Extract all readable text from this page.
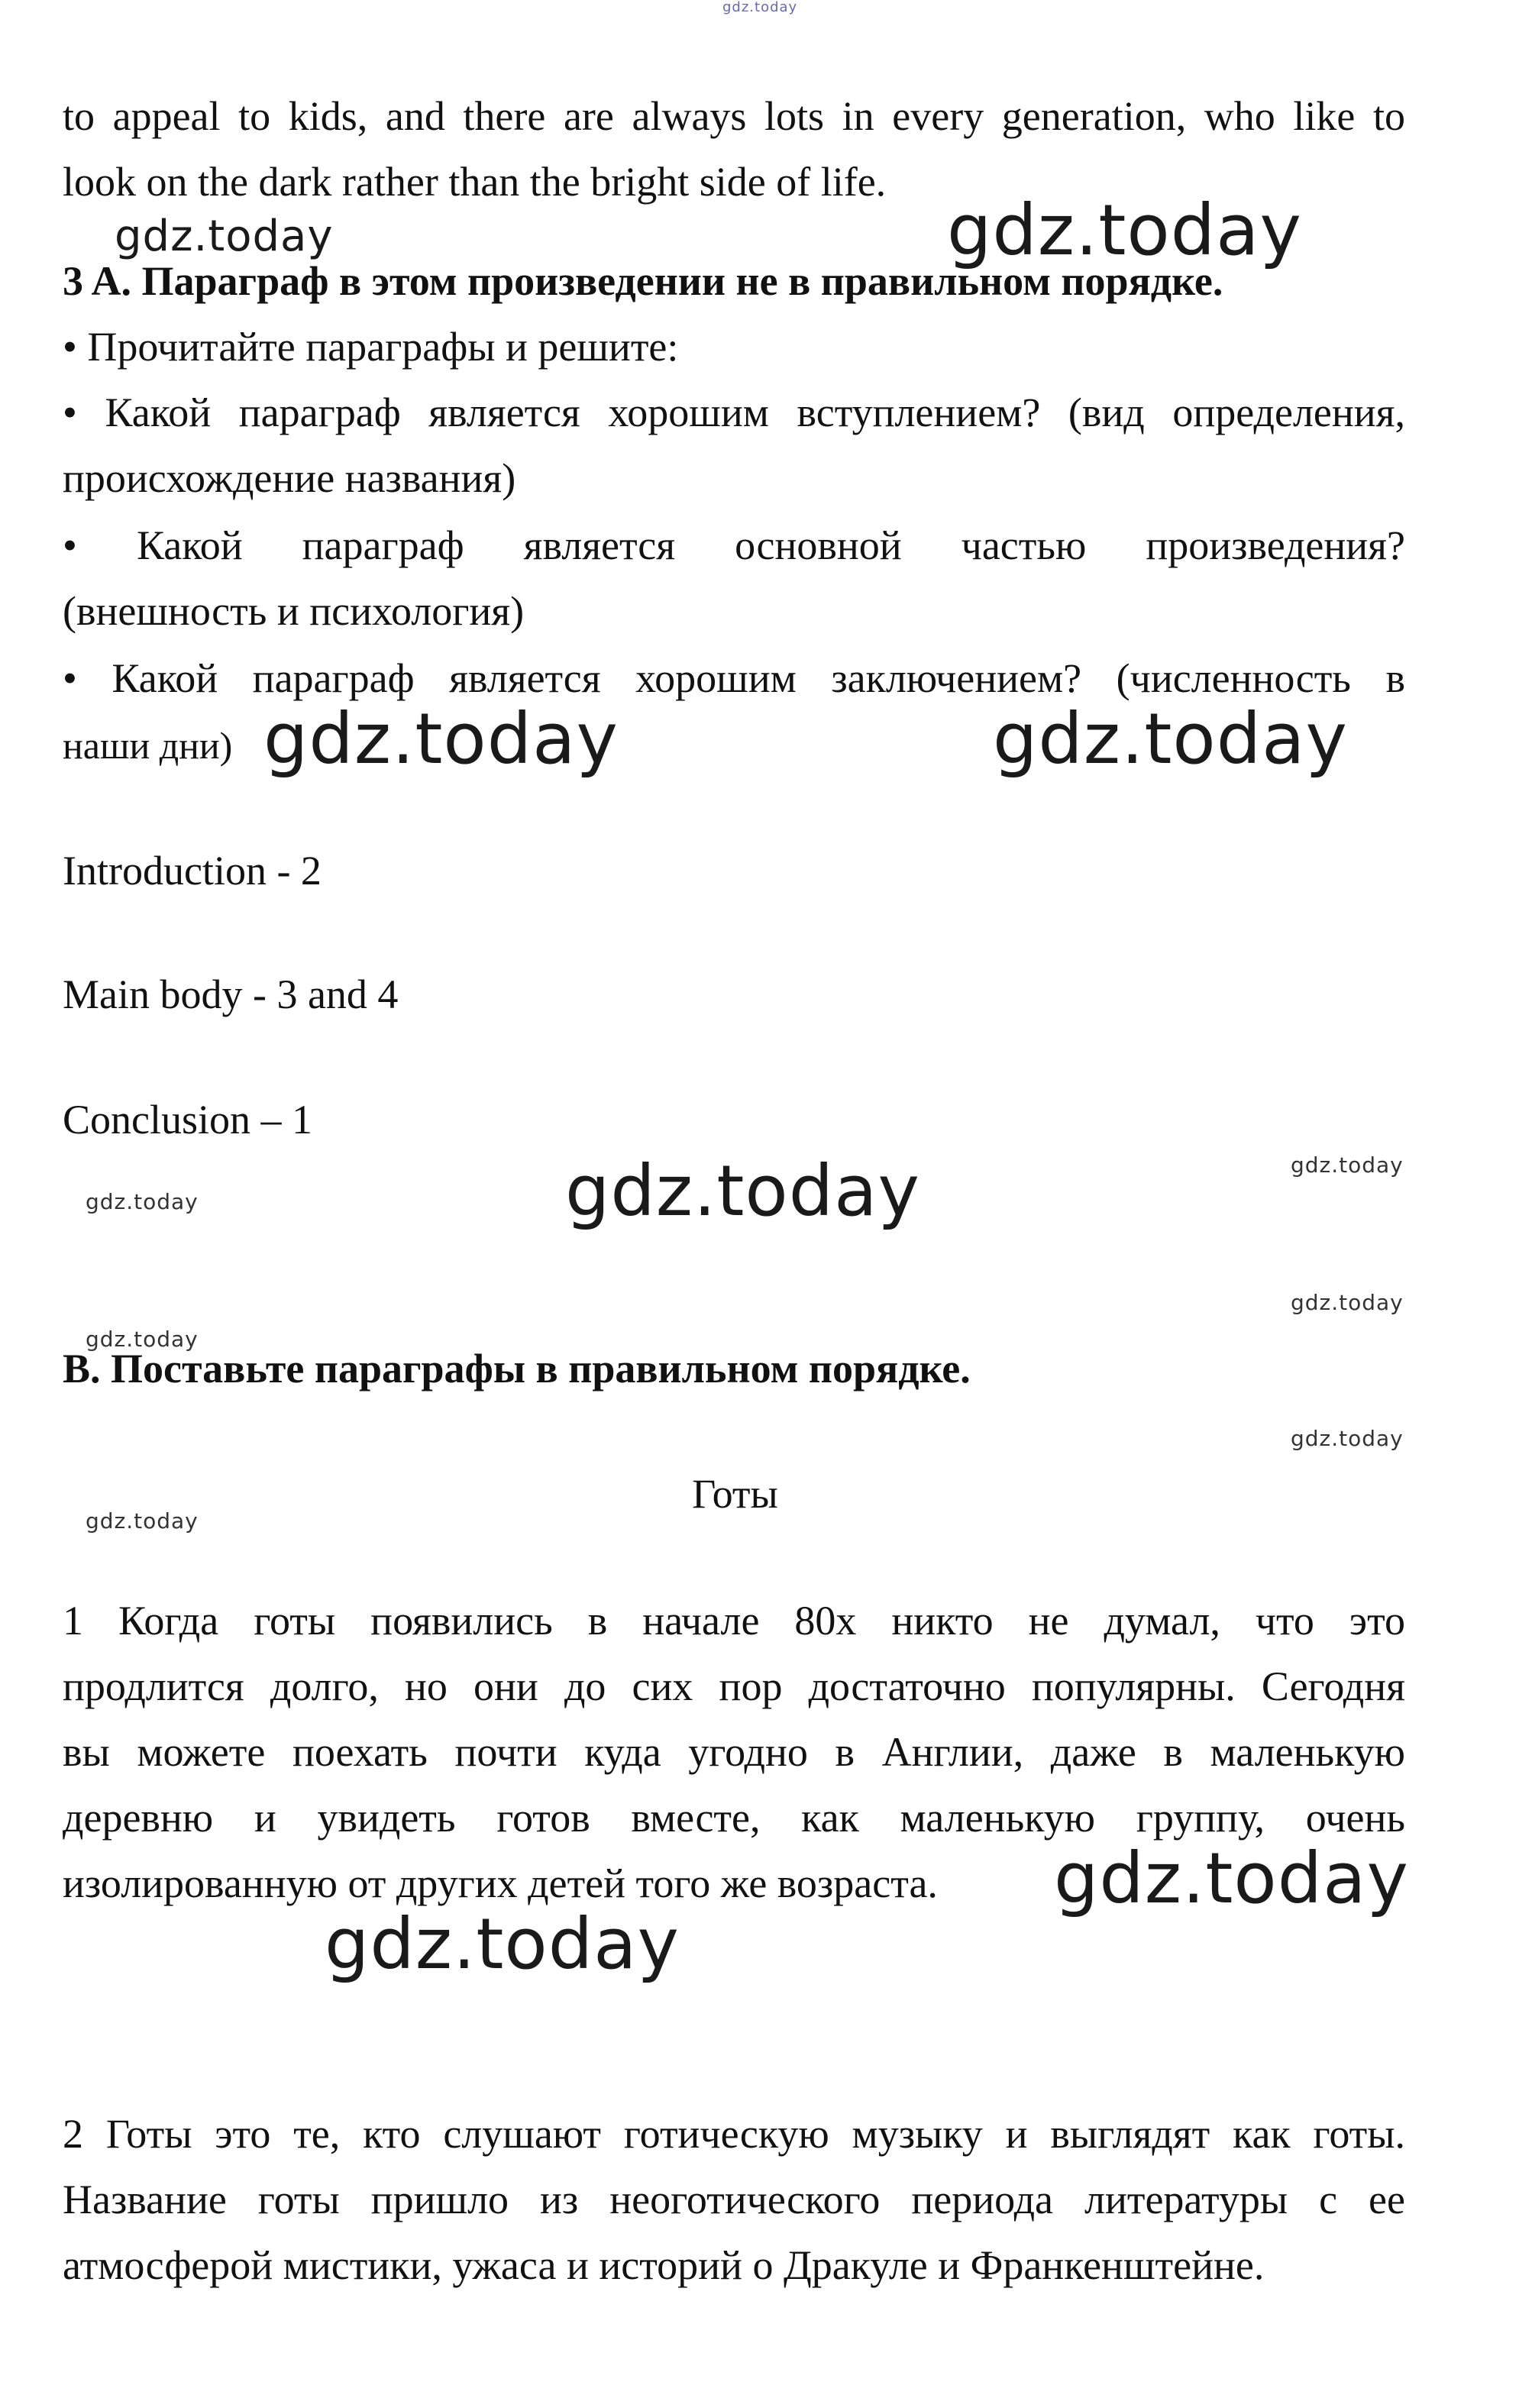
gdz.today
to appeal to kids, and there are always lots in every generation, who like to
look on the dark rather than the bright side of life.
gdz.today	gdz.today
3 A. Параграф в этом произведении не в правильном порядке.
• Прочитайте параграфы и решите:
• Какой параграф является хорошим вступлением? (вид определения,
происхождение названия)
• Какой параграф является основной частью произведения?
(внешность и психология)
• Какой параграф является хорошим заключением? (численность в
наши дни) gdz.today	gdz.today
Introduction - 2
Main body - 3 and 4
Conclusion – 1
gdz.today
gdz.today
gdz.today
gdz.today
gdz.today
B. Поставьте параграфы в правильном порядке.
gdz.today
Готы
gdz.today
1 Когда готы появились в начале 80х никто не думал, что это
продлится долго, но они до сих пор достаточно популярны. Сегодня
вы можете поехать почти куда угодно в Англии, даже в маленькую
деревню и увидеть готов вместе, как маленькую группу, очень
изолированную от других детей того же возраста. gdz.today
gdz.today
2 Готы это те, кто слушают готическую музыку и выглядят как готы.
Название готы пришло из неоготического периода литературы с ее
атмосферой мистики, ужаса и историй о Дракуле и Франкенштейне.
